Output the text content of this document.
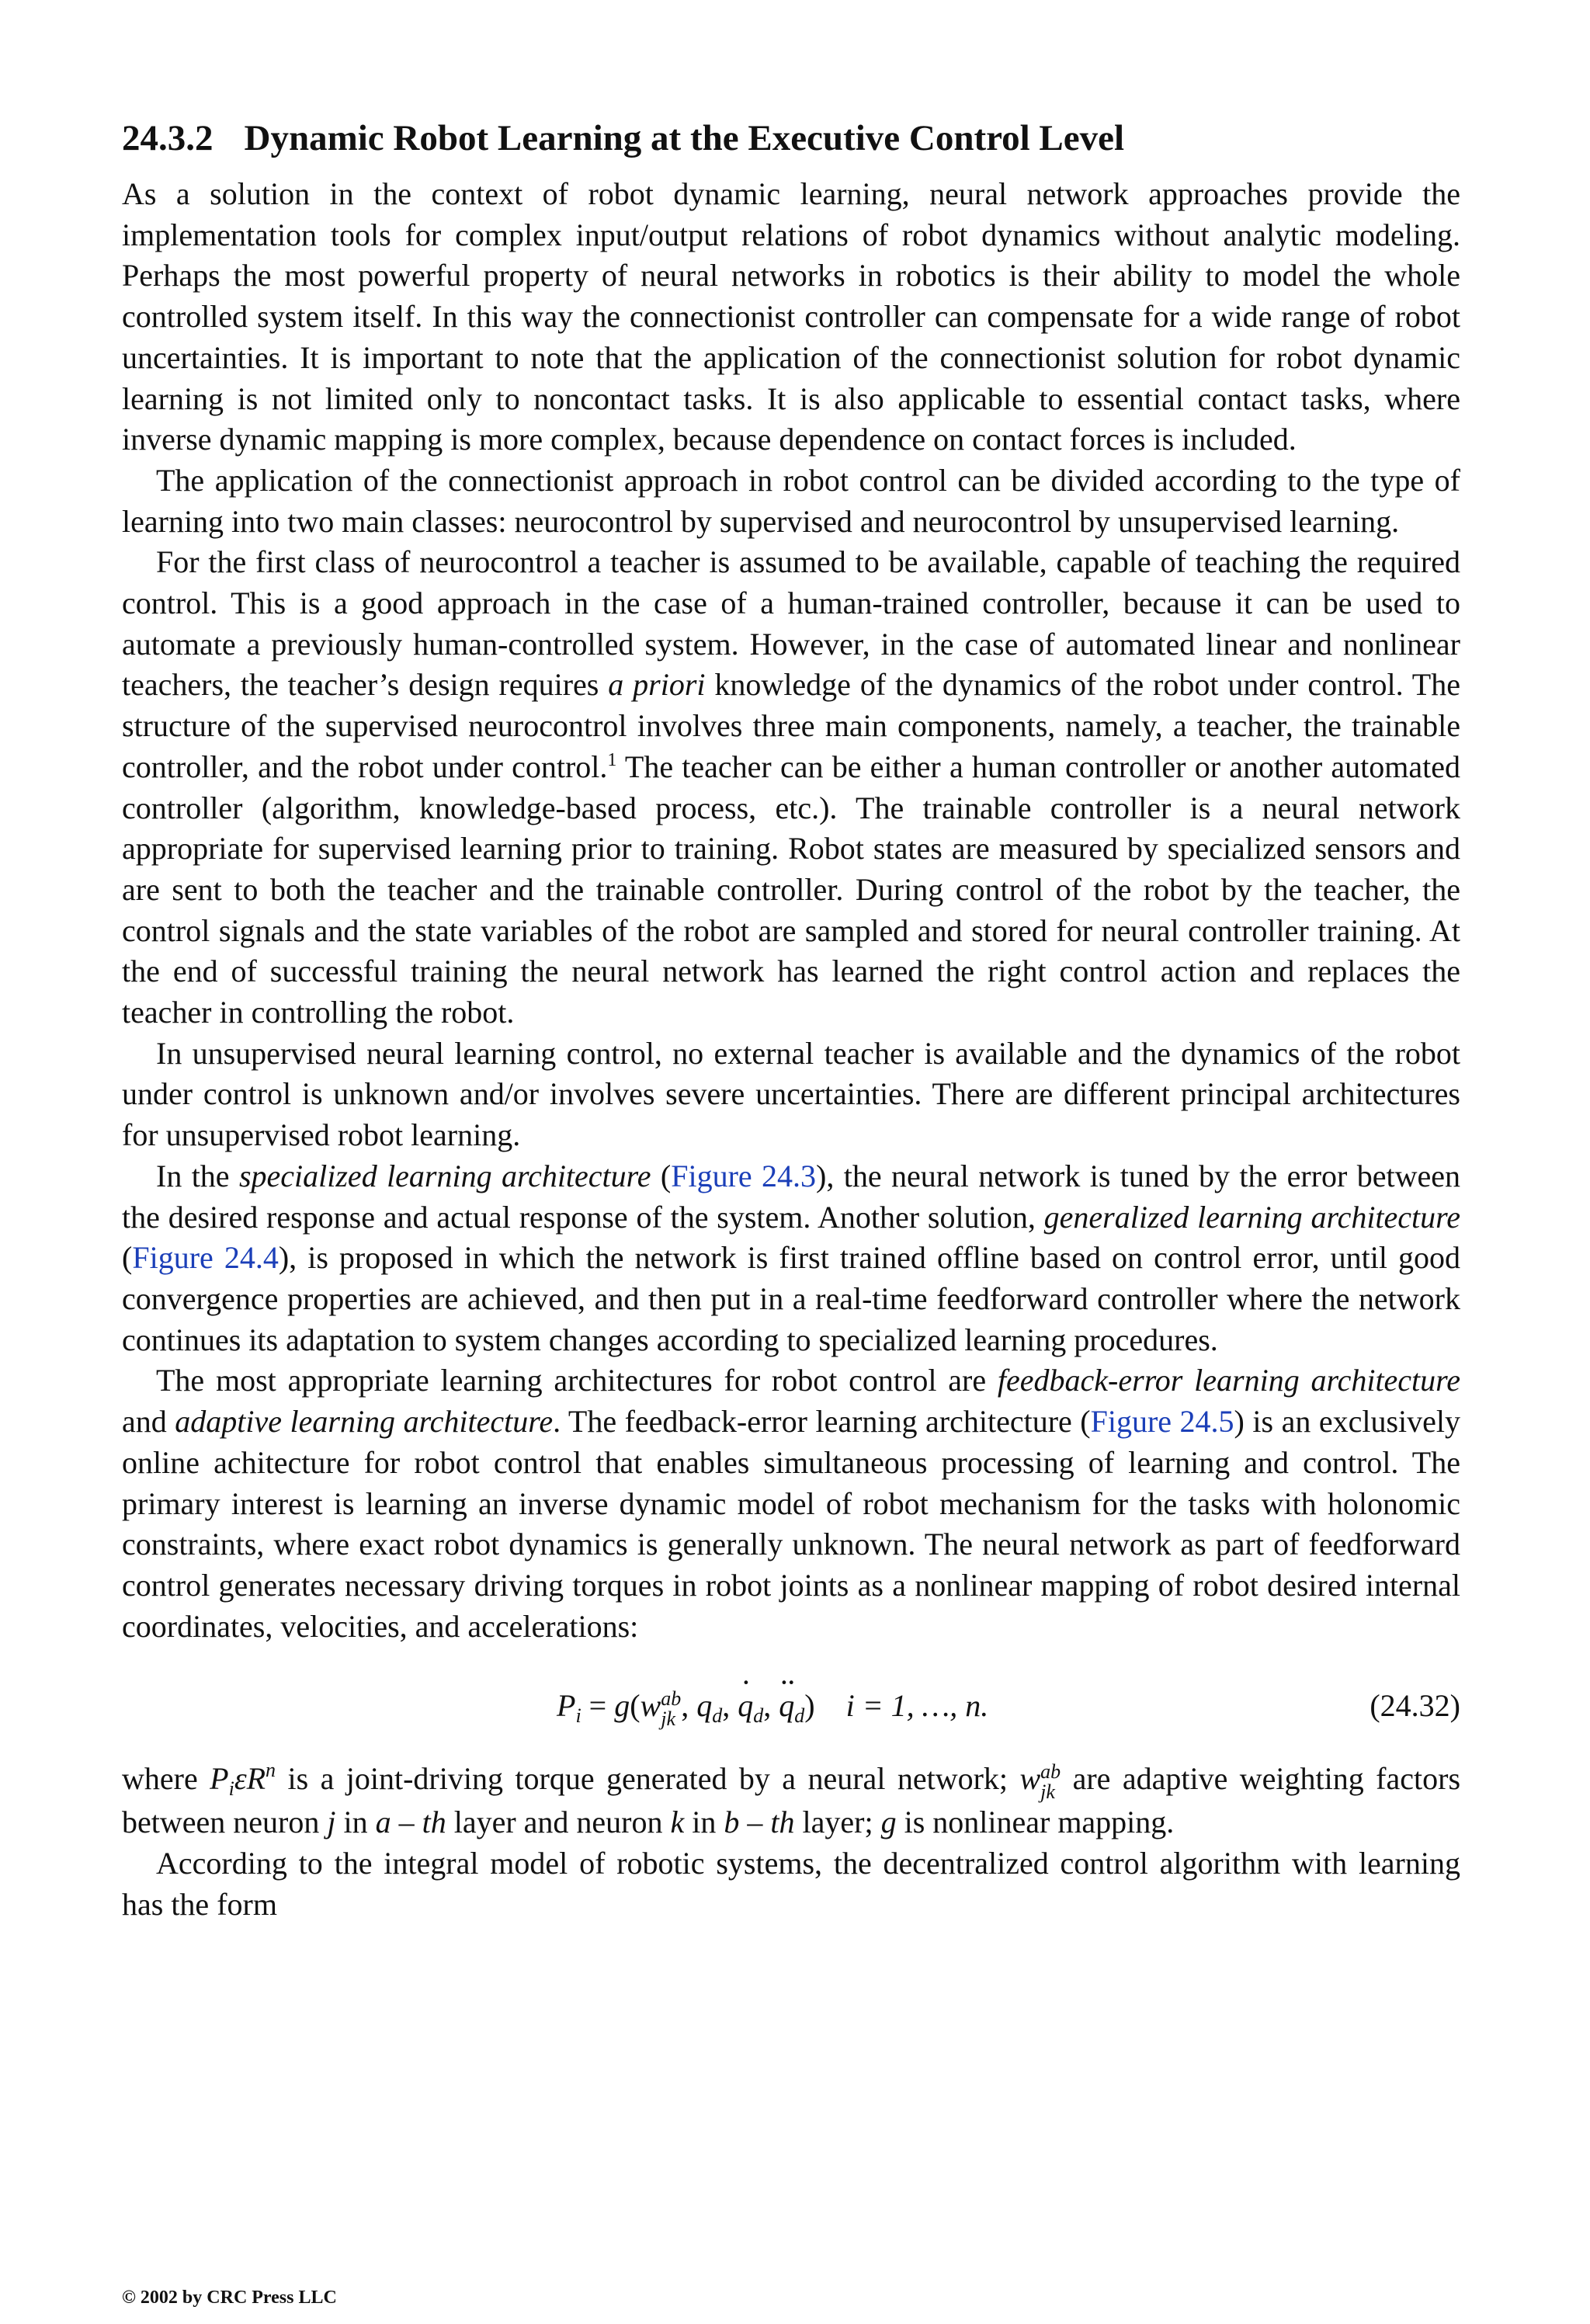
24.3.2 Dynamic Robot Learning at the Executive Control Level

As a solution in the context of robot dynamic learning, neural network approaches provide the implementation tools for complex input/output relations of robot dynamics without analytic modeling. Perhaps the most powerful property of neural networks in robotics is their ability to model the whole controlled system itself. In this way the connectionist controller can compensate for a wide range of robot uncertainties. It is important to note that the application of the connectionist solution for robot dynamic learning is not limited only to noncontact tasks. It is also applicable to essential contact tasks, where inverse dynamic mapping is more complex, because dependence on contact forces is included.

The application of the connectionist approach in robot control can be divided according to the type of learning into two main classes: neurocontrol by supervised and neurocontrol by unsupervised learning.

For the first class of neurocontrol a teacher is assumed to be available, capable of teaching the required control. This is a good approach in the case of a human-trained controller, because it can be used to automate a previously human-controlled system. However, in the case of automated linear and nonlinear teachers, the teacher’s design requires a priori knowledge of the dynamics of the robot under control. The structure of the supervised neurocontrol involves three main components, namely, a teacher, the trainable controller, and the robot under control.$^1$ The teacher can be either a human controller or another automated controller (algorithm, knowledge-based process, etc.). The trainable controller is a neural network appropriate for supervised learning prior to training. Robot states are measured by specialized sensors and are sent to both the teacher and the trainable controller. During control of the robot by the teacher, the control signals and the state variables of the robot are sampled and stored for neural controller training. At the end of successful training the neural network has learned the right control action and replaces the teacher in controlling the robot.

In unsupervised neural learning control, no external teacher is available and the dynamics of the robot under control is unknown and/or involves severe uncertainties. There are different principal architectures for unsupervised robot learning.

In the specialized learning architecture (Figure 24.3), the neural network is tuned by the error between the desired response and actual response of the system. Another solution, generalized learning architecture (Figure 24.4), is proposed in which the network is first trained offline based on control error, until good convergence properties are achieved, and then put in a real-time feedforward controller where the network continues its adaptation to system changes according to specialized learning procedures.

The most appropriate learning architectures for robot control are feedback-error learning architecture and adaptive learning architecture. The feedback-error learning architecture (Figure 24.5) is an exclusively online achitecture for robot control that enables simultaneous processing of learning and control. The primary interest is learning an inverse dynamic model of robot mechanism for the tasks with holonomic constraints, where exact robot dynamics is generally unknown. The neural network as part of feedforward control generates necessary driving torques in robot joints as a nonlinear mapping of robot desired internal coordinates, velocities, and accelerations:

$P_i = g(w$ ab
jk , $q_d$, · $q_d$, ·· $q_d$) i = 1, …, n.	(24.32)

where $P_i\varepsilon R^n$ is a joint-driving torque generated by a neural network; w ab
jk are adaptive weighting factors between neuron j in a – th layer and neuron k in b – th layer; g is nonlinear mapping.

According to the integral model of robotic systems, the decentralized control algorithm with learning has the form

© 2002 by CRC Press LLC
